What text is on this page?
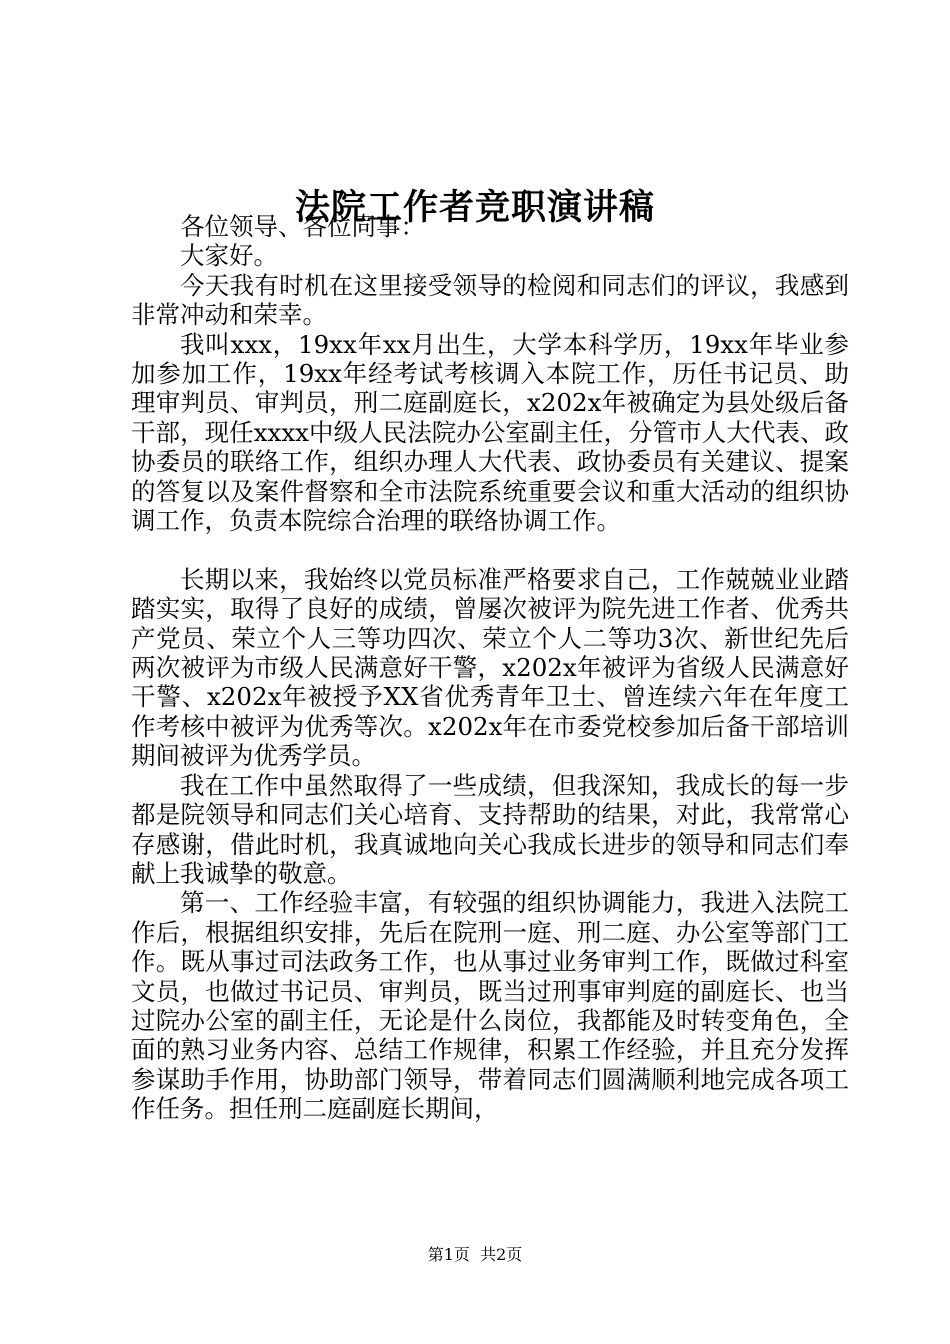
法院工作者竞职演讲稿

各位领导、各位同事：

大家好。

今天我有时机在这里接受领导的检阅和同志们的评议，我感到非常冲动和荣幸。

我叫xxx，19xx年xx月出生，大学本科学历，19xx年毕业参加参加工作，19xx年经考试考核调入本院工作，历任书记员、助理审判员、审判员，刑二庭副庭长，x202x年被确定为县处级后备干部，现任xxxx中级人民法院办公室副主任，分管市人大代表、政协委员的联络工作，组织办理人大代表、政协委员有关建议、提案的答复以及案件督察和全市法院系统重要会议和重大活动的组织协调工作，负责本院综合治理的联络协调工作。

长期以来，我始终以党员标准严格要求自己，工作兢兢业业踏踏实实，取得了良好的成绩，曾屡次被评为院先进工作者、优秀共产党员、荣立个人三等功四次、荣立个人二等功3次、新世纪先后两次被评为市级人民满意好干警，x202x年被评为省级人民满意好干警、x202x年被授予XX省优秀青年卫士、曾连续六年在年度工作考核中被评为优秀等次。x202x年在市委党校参加后备干部培训期间被评为优秀学员。

我在工作中虽然取得了一些成绩，但我深知，我成长的每一步都是院领导和同志们关心培育、支持帮助的结果，对此，我常常心存感谢，借此时机，我真诚地向关心我成长进步的领导和同志们奉献上我诚挚的敬意。

第一、工作经验丰富，有较强的组织协调能力，我进入法院工作后，根据组织安排，先后在院刑一庭、刑二庭、办公室等部门工作。既从事过司法政务工作，也从事过业务审判工作，既做过科室文员，也做过书记员、审判员，既当过刑事审判庭的副庭长、也当过院办公室的副主任，无论是什么岗位，我都能及时转变角色，全面的熟习业务内容、总结工作规律，积累工作经验，并且充分发挥参谋助手作用，协助部门领导，带着同志们圆满顺利地完成各项工作任务。担任刑二庭副庭长期间，

第1页  共2页
